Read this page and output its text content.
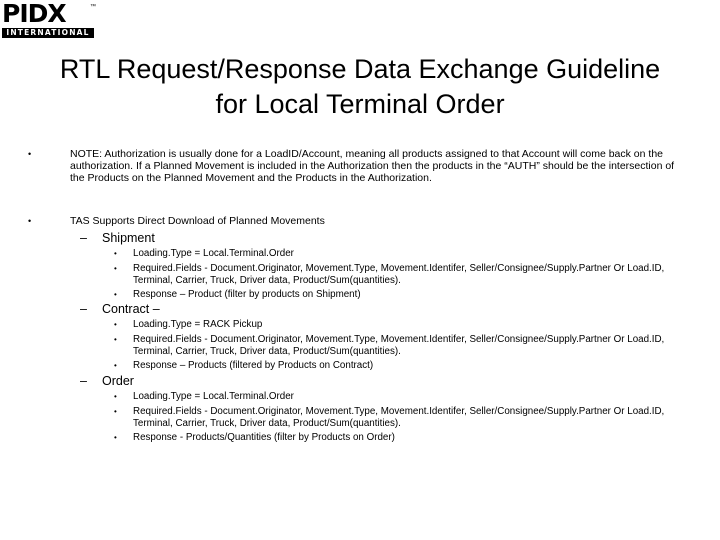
PIDX	™
INTERNATIONAL
RTL Request/Response Data Exchange Guideline
for Local Terminal Order
•	NOTE: Authorization is usually done for a LoadID/Account, meaning all products assigned to that Account will come back on the authorization. If a Planned Movement is included in the Authorization then the products in the “AUTH” should be the intersection of the Products on the Planned Movement and the Products in the Authorization.
•	TAS Supports Direct Download of Planned Movements
– Shipment
• Loading.Type = Local.Terminal.Order
• Required.Fields - Document.Originator, Movement.Type, Movement.Identifer, Seller/Consignee/Supply.Partner Or Load.ID, Terminal, Carrier, Truck, Driver data, Product/Sum(quantities).
• Response – Product (filter by products on Shipment)
– Contract –
• Loading.Type = RACK Pickup
• Required.Fields - Document.Originator, Movement.Type, Movement.Identifer, Seller/Consignee/Supply.Partner Or Load.ID, Terminal, Carrier, Truck, Driver data, Product/Sum(quantities).
• Response – Products (filtered by Products on Contract)
– Order
• Loading.Type = Local.Terminal.Order
• Required.Fields - Document.Originator, Movement.Type, Movement.Identifer, Seller/Consignee/Supply.Partner Or Load.ID, Terminal, Carrier, Truck, Driver data, Product/Sum(quantities).
• Response - Products/Quantities (filter by Products on Order)
